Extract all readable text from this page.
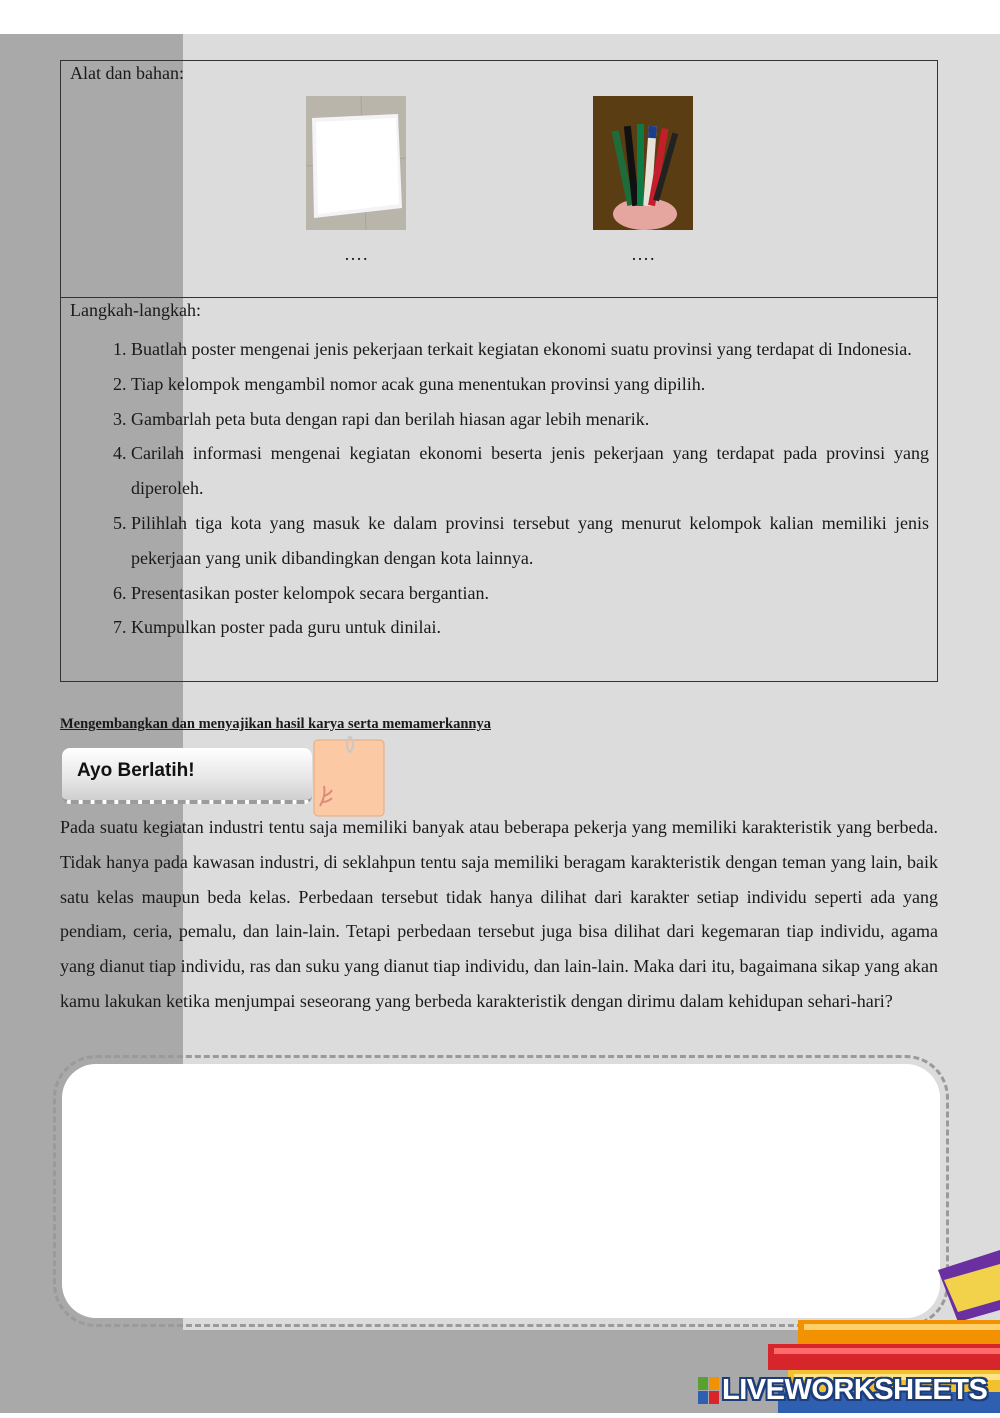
Alat dan bahan:
….	….
Langkah-langkah:
1. Buatlah poster mengenai jenis pekerjaan terkait kegiatan ekonomi suatu provinsi yang terdapat di Indonesia.
2. Tiap kelompok mengambil nomor acak guna menentukan provinsi yang dipilih.
3. Gambarlah peta buta dengan rapi dan berilah hiasan agar lebih menarik.
4. Carilah informasi mengenai kegiatan ekonomi beserta jenis pekerjaan yang terdapat pada provinsi yang diperoleh.
5. Pilihlah tiga kota yang masuk ke dalam provinsi tersebut yang menurut kelompok kalian memiliki jenis pekerjaan yang unik dibandingkan dengan kota lainnya.
6. Presentasikan poster kelompok secara bergantian.
7. Kumpulkan poster pada guru untuk dinilai.
Mengembangkan dan menyajikan hasil karya serta memamerkannya
Ayo Berlatih!

Pada suatu kegiatan industri tentu saja memiliki banyak atau beberapa pekerja yang memiliki karakteristik yang berbeda. Tidak hanya pada kawasan industri, di seklahpun tentu saja memiliki beragam karakteristik dengan teman yang lain, baik satu kelas maupun beda kelas. Perbedaan tersebut tidak hanya dilihat dari karakter setiap individu seperti ada yang pendiam, ceria, pemalu, dan lain-lain. Tetapi perbedaan tersebut juga bisa dilihat dari kegemaran tiap individu, agama yang dianut tiap individu, ras dan suku yang dianut tiap individu, dan lain-lain. Maka dari itu, bagaimana sikap yang akan kamu lakukan ketika menjumpai seseorang yang berbeda karakteristik dengan dirimu dalam kehidupan sehari-hari?

LIVEWORKSHEETS
